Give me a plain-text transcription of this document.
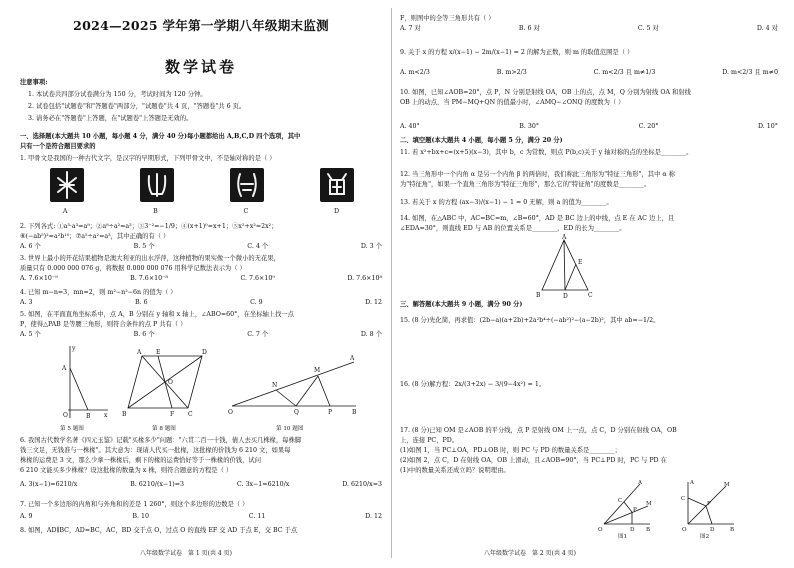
2024—2025 学年第一学期八年级期末监测
数学试卷
注意事项:
1. 本试卷共四部分试卷满分为 150 分，考试时间为 120 分钟。
2. 试卷包括"试题卷"和"答题卷"两部分，"试题卷"共 4 页，"答题卷"共 6 页。
3. 请务必在"答题卷"上答题，在"试题卷"上答题是无效的。
一、选择题(本大题共 10 小题，每小题 4 分，满分 40 分)每小题都给出 A,B,C,D 四个选项，其中
只有一个是符合题目要求的
1. 甲骨文是我国的一种古代文字，是汉字的早期形式，下列甲骨文中，不是轴对称的是（ ）
A	B	C	D
2. 下列各式: ①a³·a³=a⁹；②a⁸÷a²=a³；③3⁻²=−1/9；④(x+1)⁰=x+1；⑤x²+x²=2x²；
⑥(−ab⁵)²=a²b¹⁰；⑦a⁵÷a²=a³，其中正确的有（ ）
A. 6 个	B. 5 个	C. 4 个	D. 3 个
3. 世界上最小的开花结果植物是澳大利亚的出水浮萍，这种植物的果实像一个微小的无花果，
质量只有 0.000 000 076 g，将数据 0.000 000 076 用科学记数法表示为（ ）
A. 7.6×10⁻⁹	B. 7.6×10⁻⁸	C. 7.6×10⁹	D. 7.6×10⁸
4. 已知 m−n=3，mn=2，则 m²−n²−6n 的值为（ ）
A. 3	B. 6	C. 9	D. 12
5. 如图，在平面直角坐标系中，点 A，B 分别在 y 轴和 x 轴上，∠ABO=60°，在坐标轴上找一点
P，使得△PAB 是等腰三角形，则符合条件的点 P 共有（ ）
A. 5 个	B. 6 个	C. 7 个	D. 8 个
y
A
O	B x
A E	D
O
B	F C
N
M
A
O	Q	P	B
第 5 题图	第 8 题图	第 10 题图
6. 我国古代数学名著《四元玉鉴》记载"买椽多少"问题："六贯二百一十钱，倩人去买几株椽，每株脚
钱三文足，无钱准与一株椽"。其大意为：现请人代买一批椽，这批椽的价钱为 6 210 文，如果每
株椽的运费是 3 文，那么少拿一株椽后，剩下的椽的运费恰好等于一株椽的价钱，试问
6 210 文能买多少株椽？设这批椽的数量为 x 株，则符合题意的方程是（ ）
A. 3(x−1)=6210/x	B. 6210/(x−1)=3	C. 3x−1=6210/x	D. 6210/x=3
7. 已知一个多边形的内角和与外角和的差是 1 260°，则这个多边形的边数是（ ）
A. 9	B. 10	C. 11	D. 12
8. 如图，AD∥BC，AD=BC，AC，BD 交于点 O，过点 O 的直线 EF 交 AD 于点 E，交 BC 于点
八年级数学试卷　第 1 页(共 4 页)
F，则图中的全等三角形共有（ ）
A. 7 对	B. 6 对	C. 5 对	D. 4 对
9. 关于 x 的方程 x/(x−1) − 2m/(x−1) = 2 的解为正数，则 m 的取值范围是（ ）
A. m<2/3	B. m>2/3	C. m<2/3 且 m≠1/3	D. m<2/3 且 m≠0
10. 如图，已知∠AOB=20°，点 P，N 分别是射线 OA，OB 上的点，点 M，Q 分别为射线 OA 和射线
OB 上的动点，当 PM−MQ+QN 的值最小时，∠AMQ−∠ONQ 的度数为（ ）
A. 40°	B. 30°	C. 20°	D. 10°
二、填空题(本大题共 4 小题，每小题 5 分，满分 20 分)
11. 若 x²+bx+c=(x+5)(x−3)，其中 b，c 为常数，则点 P(b,c)关于 y 轴对称的点的坐标是________。
12. 当三角形中一个内角 α 是另一个内角 β 的两倍时，我们称此三角形为"特征三角形"，其中 α 称
为"特征角"，如果一个直角三角形为"特征三角形"，那么它的"特征角"的度数是________。
13. 若关于 x 的方程 (ax−3)/(x−1) − 1 = 0 无解，则 a 的值为________。
14. 如图，在△ABC 中，AC=BC=m，∠B=60°，AD 是 BC 边上的中线，点 E 在 AC 边上，且
∠EDA=30°，则直线 ED 与 AB 的位置关系是________，ED 的长为________。
A
E
B	D	C
三、解答题(本大题共 9 小题，满分 90 分)
15. (8 分)先化简，再求值：(2b−a)(a+2b)+2a²b⁴÷(−ab²)²−(a−2b)²，其中 ab=−1/2。
16. (8 分)解方程：2x/(3+2x) − 3/(9−4x²) = 1。
17. (8 分)已知 OM 是∠AOB 的平分线，点 P 是射线 OM 上一点，点 C，D 分别在射线 OA，OB
上，连接 PC，PD。
(1)如图 1，当 PC⊥OA，PD⊥OB 时，则 PC 与 PD 的数量关系是________；
(2)如图 2，点 C，D 在射线 OA，OB 上滑动，且∠AOB=90°，当 PC⊥PD 时，PC 与 PD 在
(1)中的数量关系还成立吗？说明理由。
A
C
P
M
O	D B
图1
A
C
M
P
O	D	B
图2
八年级数学试卷　第 2 页(共 4 页)
